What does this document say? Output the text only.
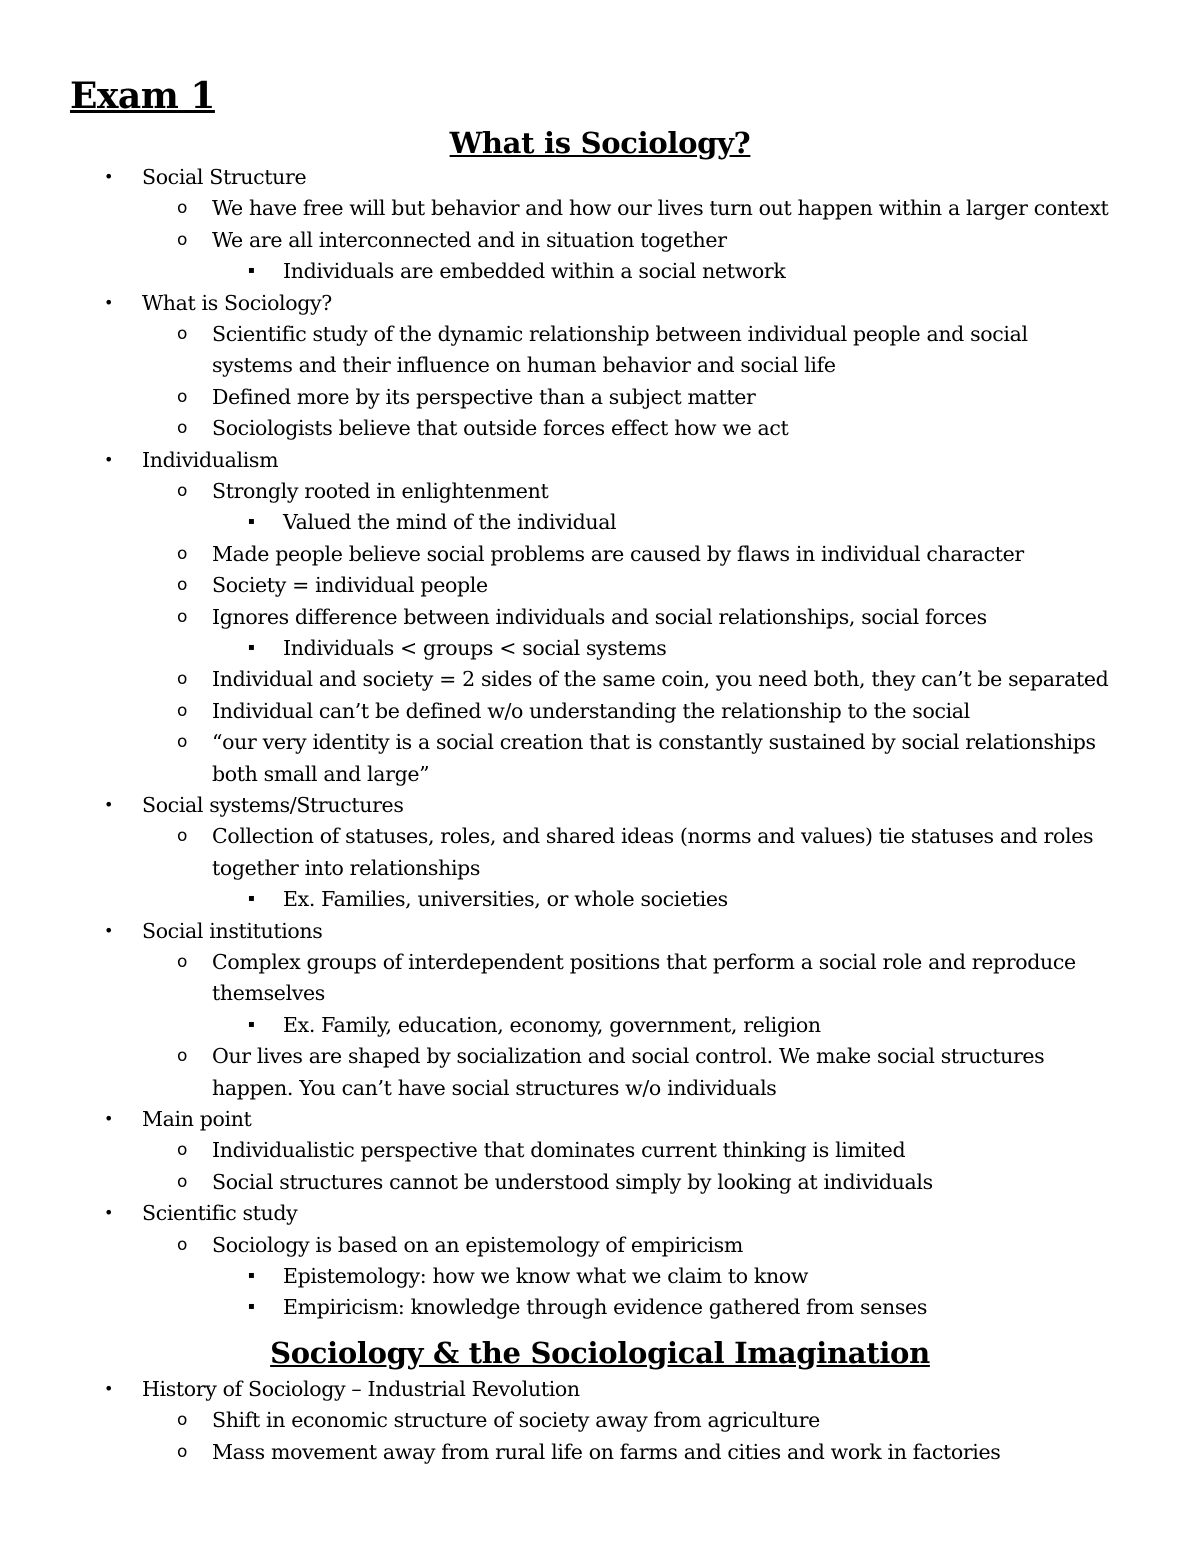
Exam 1
What is Sociology?
• Social Structure

o We have free will but behavior and how our lives turn out happen within a larger context

o We are all interconnected and in situation together

▪ Individuals are embedded within a social network

• What is Sociology?

o Scientific study of the dynamic relationship between individual people and social

systems and their influence on human behavior and social life

o Defined more by its perspective than a subject matter

o Sociologists believe that outside forces effect how we act

• Individualism

o Strongly rooted in enlightenment

▪ Valued the mind of the individual

o Made people believe social problems are caused by flaws in individual character

o Society = individual people

o Ignores difference between individuals and social relationships, social forces

▪ Individuals < groups < social systems

o Individual and society = 2 sides of the same coin, you need both, they can’t be separated

o Individual can’t be defined w/o understanding the relationship to the social

o “our very identity is a social creation that is constantly sustained by social relationships

both small and large”

• Social systems/Structures

o Collection of statuses, roles, and shared ideas (norms and values) tie statuses and roles

together into relationships

▪ Ex. Families, universities, or whole societies

• Social institutions

o Complex groups of interdependent positions that perform a social role and reproduce

themselves

▪ Ex. Family, education, economy, government, religion

o Our lives are shaped by socialization and social control. We make social structures

happen. You can’t have social structures w/o individuals

• Main point

o Individualistic perspective that dominates current thinking is limited

o Social structures cannot be understood simply by looking at individuals

• Scientific study

o Sociology is based on an epistemology of empiricism

▪ Epistemology: how we know what we claim to know

▪ Empiricism: knowledge through evidence gathered from senses

Sociology & the Sociological Imagination
• History of Sociology – Industrial Revolution

o Shift in economic structure of society away from agriculture

o Mass movement away from rural life on farms and cities and work in factories
